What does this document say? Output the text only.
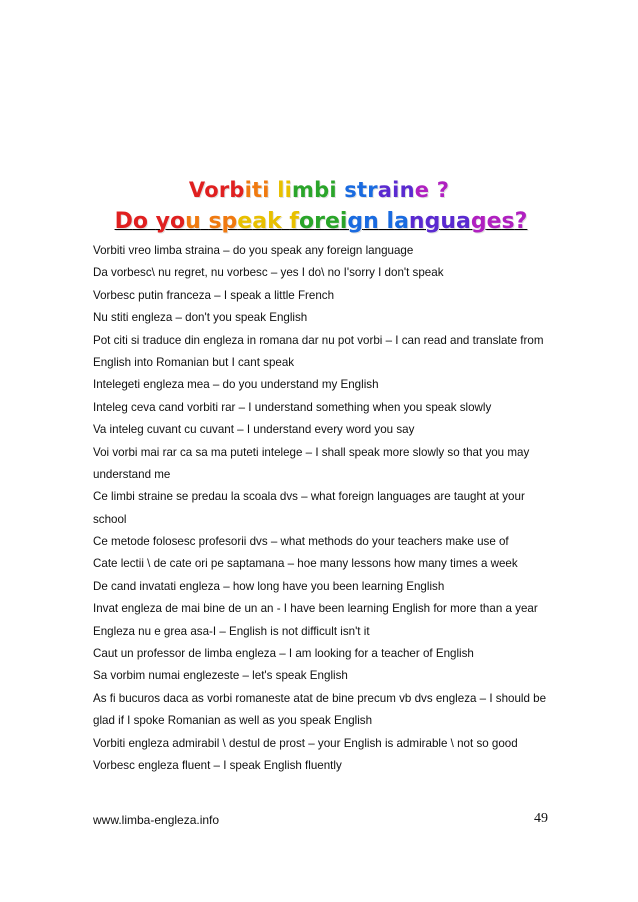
Vorbiti limbi straine ?
Do you speak foreign languages?
Vorbiti vreo limba straina – do you speak any foreign language
Da vorbesc\ nu regret, nu vorbesc – yes I do\ no I'sorry I don't speak
Vorbesc putin franceza – I speak a little French
Nu stiti engleza – don't you speak English
Pot citi si traduce din engleza in romana dar nu pot vorbi – I can read and translate from
English into Romanian but I cant speak
Intelegeti engleza mea – do you understand my English
Inteleg ceva cand vorbiti rar – I understand something when you speak slowly
Va inteleg cuvant cu cuvant – I understand every word you say
Voi vorbi mai rar ca sa ma puteti intelege – I shall speak more slowly so that you may
understand me
Ce limbi straine se predau la scoala dvs – what foreign languages are taught at your
school
Ce metode folosesc profesorii dvs – what methods do your teachers make use of
Cate lectii \ de cate ori pe saptamana – hoe many lessons how many times a week
De cand invatati engleza – how long have you been learning English
Invat engleza de mai bine de un an - I have been learning English for more than a year
Engleza nu e grea asa-I – English is not difficult isn't it
Caut un professor de limba engleza – I am looking for a teacher of English
Sa vorbim numai englezeste – let's speak English
As fi bucuros daca as vorbi romaneste atat de bine precum vb dvs engleza – I should be
glad if I spoke Romanian as well as you speak English
Vorbiti engleza admirabil \ destul de prost – your English is admirable \ not so good
Vorbesc engleza fluent – I speak English fluently
www.limba-engleza.info	49
